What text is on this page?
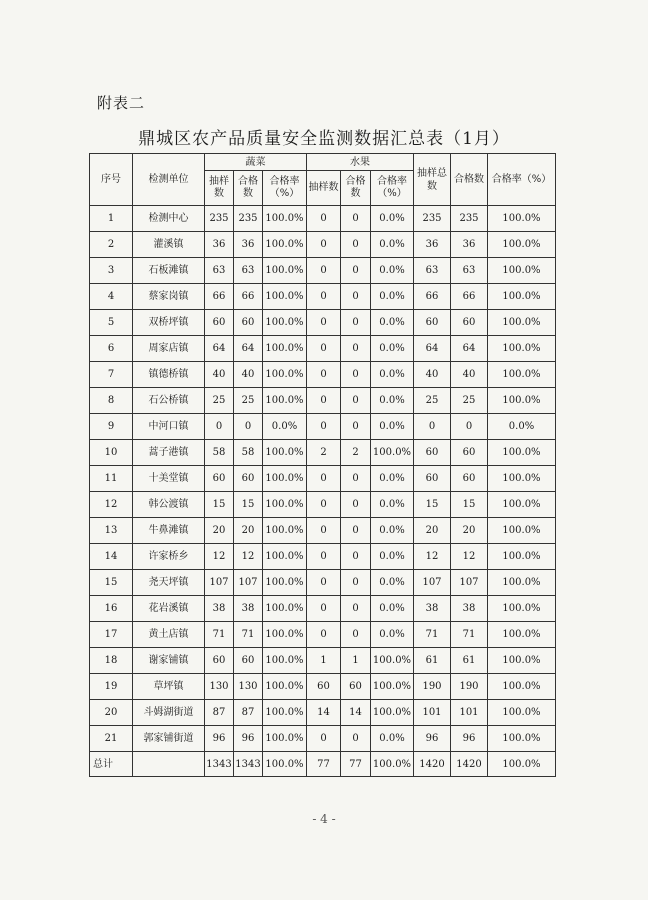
附表二
鼎城区农产品质量安全监测数据汇总表（1月）
序号	检测单位	蔬菜			水果			抽样总数	合格数	合格率（%）
		抽样数	合格数	合格率（%）	抽样数	合格数	合格率（%）			
1	检测中心	235	235	100.0%	0	0	0.0%	235	235	100.0%
2	灌溪镇	36	36	100.0%	0	0	0.0%	36	36	100.0%
3	石板滩镇	63	63	100.0%	0	0	0.0%	63	63	100.0%
4	蔡家岗镇	66	66	100.0%	0	0	0.0%	66	66	100.0%
5	双桥坪镇	60	60	100.0%	0	0	0.0%	60	60	100.0%
6	周家店镇	64	64	100.0%	0	0	0.0%	64	64	100.0%
7	镇德桥镇	40	40	100.0%	0	0	0.0%	40	40	100.0%
8	石公桥镇	25	25	100.0%	0	0	0.0%	25	25	100.0%
9	中河口镇	0	0	0.0%	0	0	0.0%	0	0	0.0%
10	蒿子港镇	58	58	100.0%	2	2	100.0%	60	60	100.0%
11	十美堂镇	60	60	100.0%	0	0	0.0%	60	60	100.0%
12	韩公渡镇	15	15	100.0%	0	0	0.0%	15	15	100.0%
13	牛鼻滩镇	20	20	100.0%	0	0	0.0%	20	20	100.0%
14	许家桥乡	12	12	100.0%	0	0	0.0%	12	12	100.0%
15	尧天坪镇	107	107	100.0%	0	0	0.0%	107	107	100.0%
16	花岩溪镇	38	38	100.0%	0	0	0.0%	38	38	100.0%
17	黄土店镇	71	71	100.0%	0	0	0.0%	71	71	100.0%
18	谢家铺镇	60	60	100.0%	1	1	100.0%	61	61	100.0%
19	草坪镇	130	130	100.0%	60	60	100.0%	190	190	100.0%
20	斗姆湖街道	87	87	100.0%	14	14	100.0%	101	101	100.0%
21	郭家铺街道	96	96	100.0%	0	0	0.0%	96	96	100.0%
总计		1343	1343	100.0%	77	77	100.0%	1420	1420	100.0%
- 4 -
